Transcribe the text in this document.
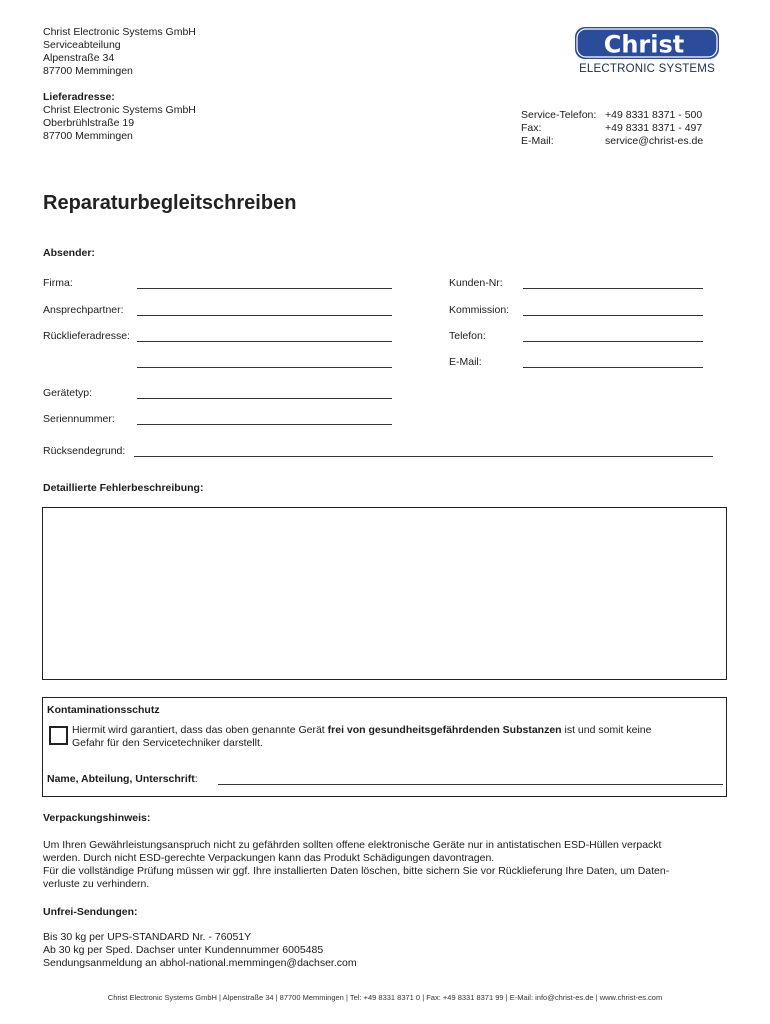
Christ Electronic Systems GmbH
Serviceabteilung
Alpenstraße 34
87700 Memmingen
Lieferadresse:
Christ Electronic Systems GmbH
Oberbrühlstraße 19
87700 Memmingen
Christ
ELECTRONIC SYSTEMS
Service-Telefon: +49 8331 8371 - 500
Fax:	+49 8331 8371 - 497
E-Mail:	service@christ-es.de
Reparaturbegleitschreiben
Absender:
Firma:
Ansprechpartner:
Rücklieferadresse:
Kunden-Nr:
Kommission:
Telefon:
E-Mail:
Gerätetyp:
Seriennummer:
Rücksendegrund:
Detaillierte Fehlerbeschreibung:
Kontaminationsschutz
Hiermit wird garantiert, dass das oben genannte Gerät frei von gesundheitsgefährdenden Substanzen ist und somit keine
Gefahr für den Servicetechniker darstellt.
Name, Abteilung, Unterschrift:
Verpackungshinweis:
Um Ihren Gewährleistungsanspruch nicht zu gefährden sollten offene elektronische Geräte nur in antistatischen ESD-Hüllen verpackt
werden. Durch nicht ESD-gerechte Verpackungen kann das Produkt Schädigungen davontragen.
Für die vollständige Prüfung müssen wir ggf. Ihre installierten Daten löschen, bitte sichern Sie vor Rücklieferung Ihre Daten, um Daten-
verluste zu verhindern.
Unfrei-Sendungen:
Bis 30 kg per UPS-STANDARD Nr. - 76051Y
Ab 30 kg per Sped. Dachser unter Kundennummer 6005485
Sendungsanmeldung an abhol-national.memmingen@dachser.com
Christ Electronic Systems GmbH | Alpenstraße 34 | 87700 Memmingen | Tel: +49 8331 8371 0 | Fax: +49 8331 8371 99 | E-Mail: info@christ-es.de | www.christ-es.com
